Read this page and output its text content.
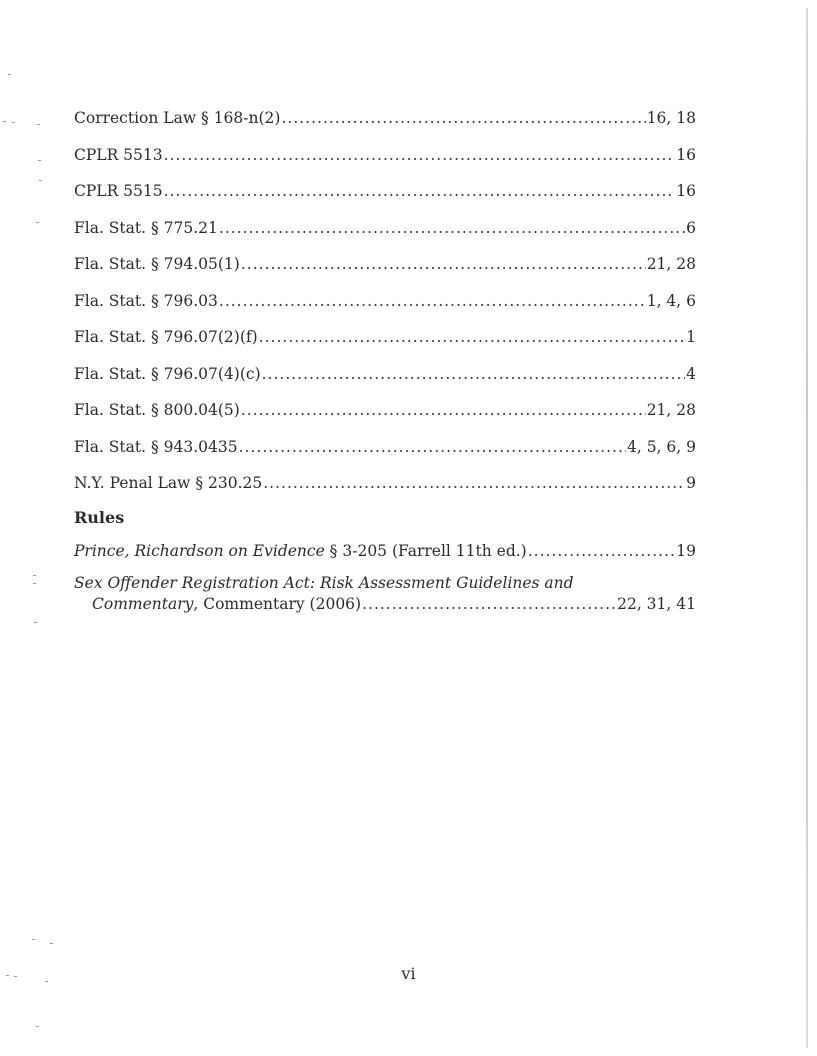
Correction Law § 168-n(2) .....	16, 18
CPLR 5513 .....	16
CPLR 5515 .....	16
Fla. Stat. § 775.21 .....	6
Fla. Stat. § 794.05(1) .....	21, 28
Fla. Stat. § 796.03 .....	1, 4, 6
Fla. Stat. § 796.07(2)(f) .....	1
Fla. Stat. § 796.07(4)(c) .....	4
Fla. Stat. § 800.04(5) .....	21, 28
Fla. Stat. § 943.0435 .....	4, 5, 6, 9
N.Y. Penal Law § 230.25 .....	9
Rules
Prince, Richardson on Evidence § 3-205 (Farrell 11th ed.) .....	19
Sex Offender Registration Act: Risk Assessment Guidelines and
Commentary, Commentary (2006) .....	22, 31, 41
vi
